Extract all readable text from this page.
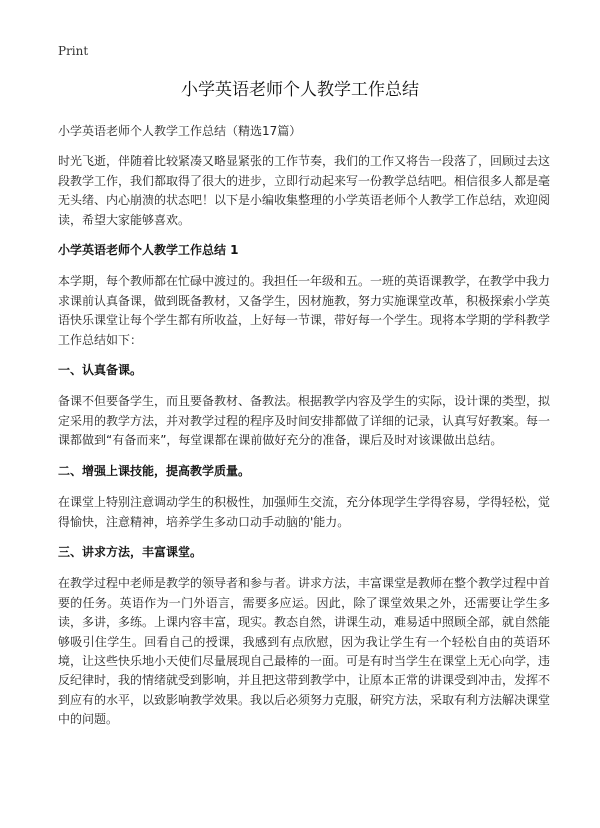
Print
小学英语老师个人教学工作总结

小学英语老师个人教学工作总结（精选17篇）

时光飞逝，伴随着比较紧凑又略显紧张的工作节奏，我们的工作又将告一段落了，回顾过去这段教学工作，我们都取得了很大的进步，立即行动起来写一份教学总结吧。相信很多人都是毫无头绪、内心崩溃的状态吧！以下是小编收集整理的小学英语老师个人教学工作总结，欢迎阅读，希望大家能够喜欢。

小学英语老师个人教学工作总结 1

本学期，每个教师都在忙碌中渡过的。我担任一年级和五。一班的英语课教学，在教学中我力求课前认真备课，做到既备教材，又备学生，因材施教，努力实施课堂改革，积极探索小学英语快乐课堂让每个学生都有所收益，上好每一节课，带好每一个学生。现将本学期的学科教学工作总结如下：

一、认真备课。

备课不但要备学生，而且要备教材、备教法。根据教学内容及学生的实际，设计课的类型，拟定采用的教学方法，并对教学过程的程序及时间安排都做了详细的记录，认真写好教案。每一课都做到“有备而来”，每堂课都在课前做好充分的准备，课后及时对该课做出总结。

二、增强上课技能，提高教学质量。

在课堂上特别注意调动学生的积极性，加强师生交流，充分体现学生学得容易，学得轻松，觉得愉快，注意精神，培养学生多动口动手动脑的'能力。

三、讲求方法，丰富课堂。

在教学过程中老师是教学的领导者和参与者。讲求方法，丰富课堂是教师在整个教学过程中首要的任务。英语作为一门外语言，需要多应运。因此，除了课堂效果之外，还需要让学生多读，多讲，多练。上课内容丰富，现实。教态自然，讲课生动，难易适中照顾全部，就自然能够吸引住学生。回看自己的授课，我感到有点欣慰，因为我让学生有一个轻松自由的英语环境，让这些快乐地小天使们尽量展现自己最棒的一面。可是有时当学生在课堂上无心向学，违反纪律时，我的情绪就受到影响，并且把这带到教学中，让原本正常的讲课受到冲击，发挥不到应有的水平，以致影响教学效果。我以后必须努力克服，研究方法，采取有利方法解决课堂中的问题。
